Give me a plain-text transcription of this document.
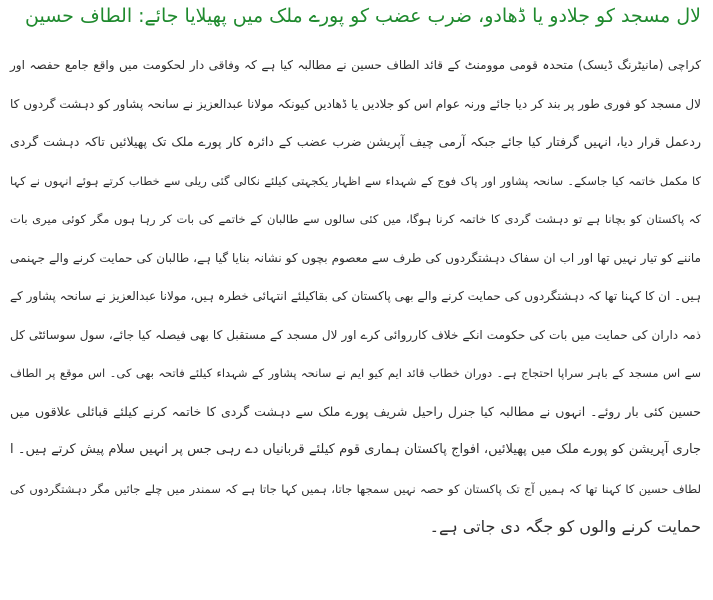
لال مسجد کو جلادو یا ڈھادو، ضرب عضب کو پورے ملک میں پھیلایا جائے: الطاف حسین
کراچی (مانیٹرنگ ڈیسک) متحدہ قومی موومنٹ کے قائد الطاف حسین نے مطالبہ کیا ہے کہ وفاقی دار لحکومت میں واقع جامع حفصہ اور
لال مسجد کو فوری طور پر بند کر دیا جائے ورنہ عوام اس کو جلادیں یا ڈھادیں کیونکہ مولانا عبدالعزیز نے سانحہ پشاور کو دہشت گردوں کا
ردعمل قرار دیا، انہیں گرفتار کیا جائے جبکہ آرمی چیف آپریشن ضرب عضب کے دائرہ کار پورے ملک تک پھیلائیں تاکہ دہشت گردی
کا مکمل خاتمہ کیا جاسکے۔ سانحہ پشاور اور پاک فوج کے شہداء سے اظہار یکجہتی کیلئے نکالی گئی ریلی سے خطاب کرتے ہوئے انہوں نے کہا
کہ پاکستان کو بچانا ہے تو دہشت گردی کا خاتمہ کرنا ہوگا، میں کئی سالوں سے طالبان کے خاتمے کی بات کر رہا ہوں مگر کوئی میری بات
ماننے کو تیار نہیں تھا اور اب ان سفاک دہشتگردوں کی طرف سے معصوم بچوں کو نشانہ بنایا گیا ہے، طالبان کی حمایت کرنے والے جہنمی
ہیں۔ ان کا کہنا تھا کہ دہشتگردوں کی حمایت کرنے والے بھی پاکستان کی بقاکیلئے انتہائی خطرہ ہیں، مولانا عبدالعزیز نے سانحہ پشاور کے
ذمہ داران کی حمایت میں بات کی حکومت انکے خلاف کارروائی کرے اور لال مسجد کے مستقبل کا بھی فیصلہ کیا جائے، سول سوسائٹی کل
سے اس مسجد کے باہر سراپا احتجاج ہے۔ دوران خطاب قائد ایم کیو ایم نے سانحہ پشاور کے شہداء کیلئے فاتحہ بھی کی۔ اس موقع پر الطاف
حسین کئی بار روئے۔ انہوں نے مطالبہ کیا جنرل راحیل شریف پورے ملک سے دہشت گردی کا خاتمہ کرنے کیلئے قبائلی علاقوں میں
جاری آپریشن کو پورے ملک میں پھیلائیں، افواج پاکستان ہماری قوم کیلئے قربانیاں دے رہی جس پر انہیں سلام پیش کرتے ہیں۔ ا
لطاف حسین کا کہنا تھا کہ ہمیں آج تک پاکستان کو حصہ نہیں سمجھا جاتا، ہمیں کہا جاتا ہے کہ سمندر میں چلے جائیں مگر دہشتگردوں کی
حمایت کرنے والوں کو جگہ دی جاتی ہے۔
